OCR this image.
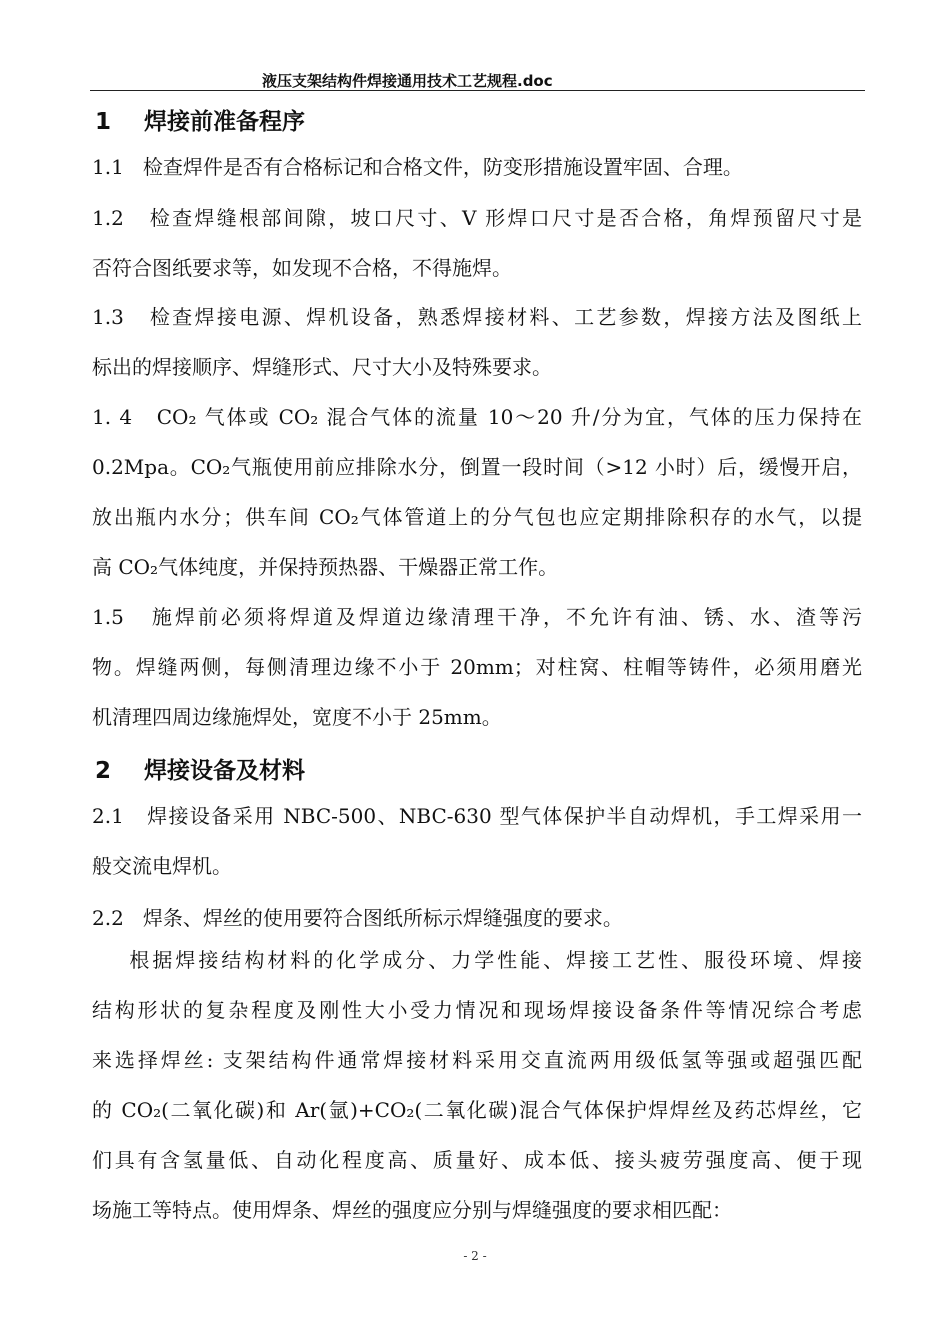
液压支架结构件焊接通用技术工艺规程.doc
1 焊接前准备程序
1.1   检查焊件是否有合格标记和合格文件，防变形措施设置牢固、合理。
1.2   检查焊缝根部间隙，坡口尺寸、V 形焊口尺寸是否合格，角焊预留尺寸是
否符合图纸要求等，如发现不合格，不得施焊。
1.3   检查焊接电源、焊机设备，熟悉焊接材料、工艺参数，焊接方法及图纸上
标出的焊接顺序、焊缝形式、尺寸大小及特殊要求。
1. 4   CO₂ 气体或 CO₂ 混合气体的流量 10～20 升/分为宜，气体的压力保持在
0.2Mpa。CO₂气瓶使用前应排除水分，倒置一段时间（>12 小时）后，缓慢开启，
放出瓶内水分；供车间 CO₂气体管道上的分气包也应定期排除积存的水气，以提
高 CO₂气体纯度，并保持预热器、干燥器正常工作。
1.5   施焊前必须将焊道及焊道边缘清理干净，不允许有油、锈、水、渣等污
物。焊缝两侧，每侧清理边缘不小于 20mm；对柱窝、柱帽等铸件，必须用磨光
机清理四周边缘施焊处，宽度不小于 25mm。
2 焊接设备及材料
2.1   焊接设备采用 NBC-500、NBC-630 型气体保护半自动焊机，手工焊采用一
般交流电焊机。
2.2   焊条、焊丝的使用要符合图纸所标示焊缝强度的要求。
根据焊接结构材料的化学成分、力学性能、焊接工艺性、服役环境、焊接
结构形状的复杂程度及刚性大小受力情况和现场焊接设备条件等情况综合考虑
来选择焊丝: 支架结构件通常焊接材料采用交直流两用级低氢等强或超强匹配
的 CO₂(二氧化碳)和 Ar(氩)+CO₂(二氧化碳)混合气体保护焊焊丝及药芯焊丝，它
们具有含氢量低、自动化程度高、质量好、成本低、接头疲劳强度高、便于现
场施工等特点。使用焊条、焊丝的强度应分别与焊缝强度的要求相匹配：
- 2 -
